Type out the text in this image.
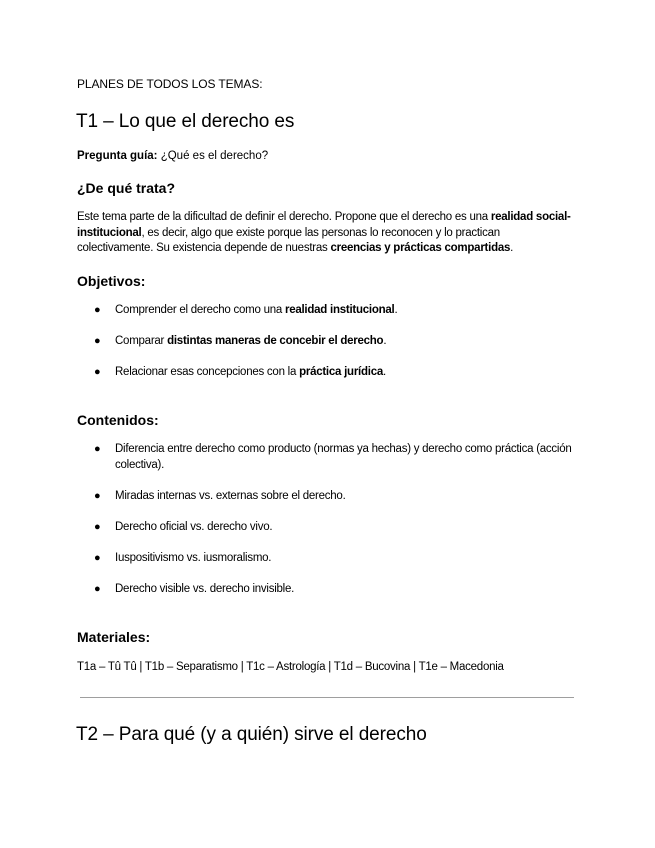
PLANES DE TODOS LOS TEMAS:

T1 – Lo que el derecho es

Pregunta guía: ¿Qué es el derecho?

¿De qué trata?

Este tema parte de la dificultad de definir el derecho. Propone que el derecho es una realidad social-institucional, es decir, algo que existe porque las personas lo reconocen y lo practican colectivamente. Su existencia depende de nuestras creencias y prácticas compartidas.

Objetivos:
● Comprender el derecho como una realidad institucional.
● Comparar distintas maneras de concebir el derecho.
● Relacionar esas concepciones con la práctica jurídica.
Contenidos:
● Diferencia entre derecho como producto (normas ya hechas) y derecho como práctica (acción colectiva).
● Miradas internas vs. externas sobre el derecho.
● Derecho oficial vs. derecho vivo.
● Iuspositivismo vs. iusmoralismo.
● Derecho visible vs. derecho invisible.
Materiales:

T1a – Tû Tû | T1b – Separatismo | T1c – Astrología | T1d – Bucovina | T1e – Macedonia

T2 – Para qué (y a quién) sirve el derecho
